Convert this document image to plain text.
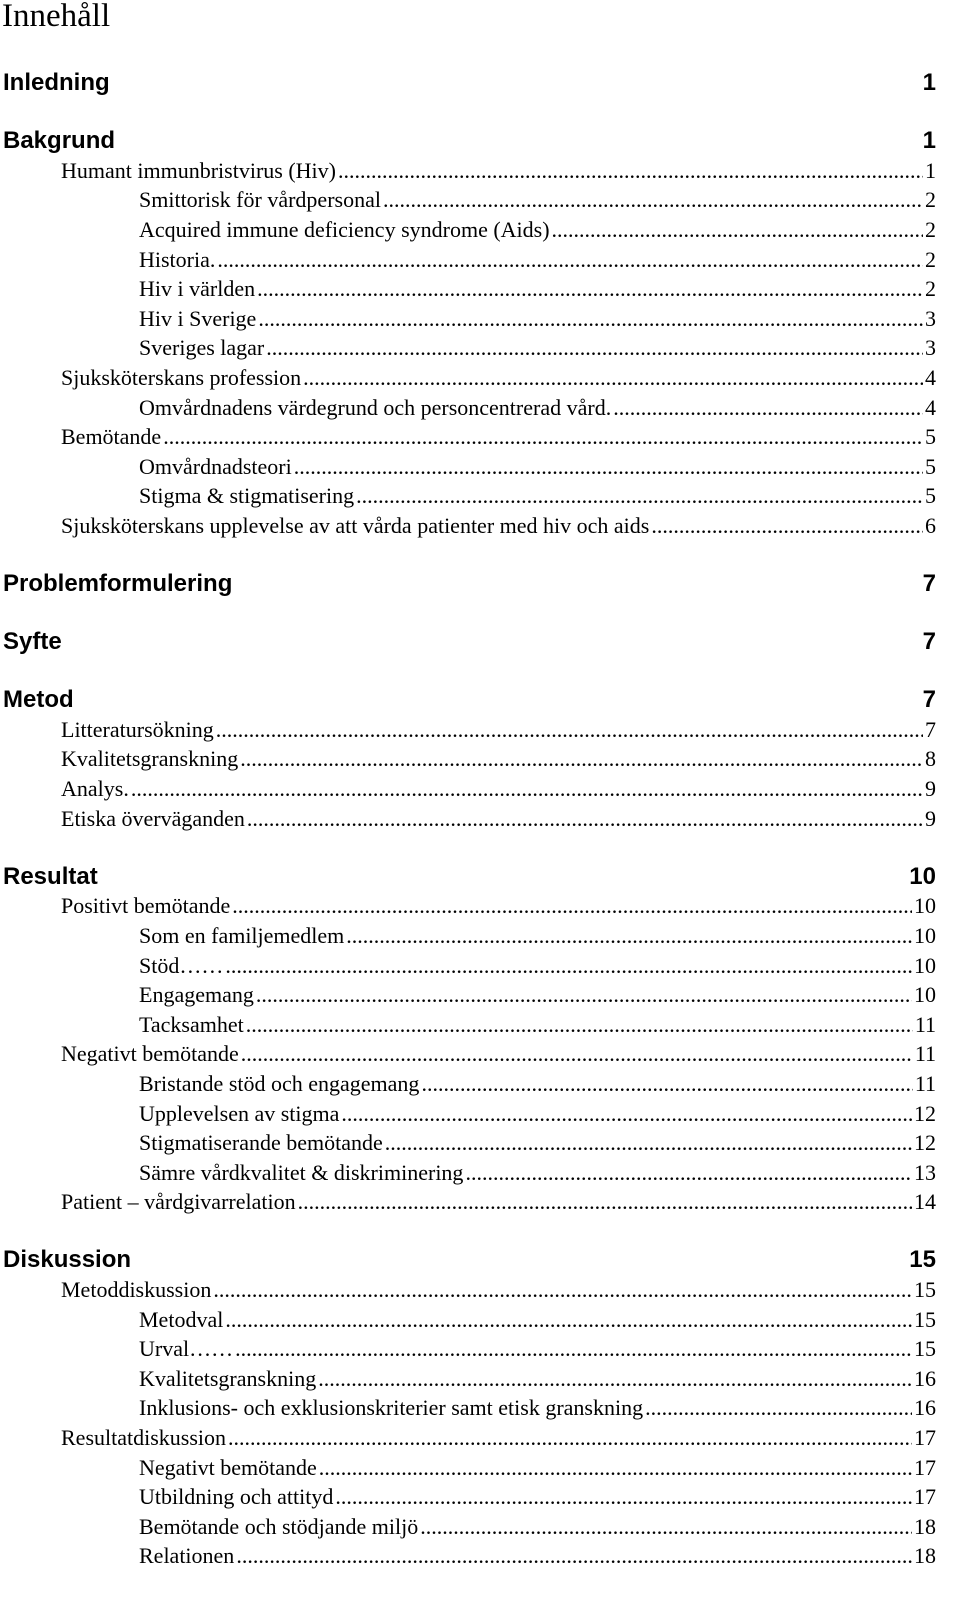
Innehåll
Inledning	1
Bakgrund	1
Humant immunbristvirus (Hiv) .....	1
Smittorisk för vårdpersonal .....	2
Acquired immune deficiency syndrome (Aids) .....	2
Historia. .....	2
Hiv i världen .....	2
Hiv i Sverige .....	3
Sveriges lagar .....	3
Sjuksköterskans profession .....	4
Omvårdnadens värdegrund och personcentrerad vård. .....	4
Bemötande .....	5
Omvårdnadsteori .....	5
Stigma & stigmatisering .....	5
Sjuksköterskans upplevelse av att vårda patienter med hiv och aids .....	6
Problemformulering	7
Syfte	7
Metod	7
Litteratursökning .....	7
Kvalitetsgranskning .....	8
Analys. .....	9
Etiska överväganden .....	9
Resultat	10
Positivt bemötande .....	10
Som en familjemedlem .....	10
Stöd…… .....	10
Engagemang .....	10
Tacksamhet .....	11
Negativt bemötande .....	11
Bristande stöd och engagemang .....	11
Upplevelsen av stigma .....	12
Stigmatiserande bemötande .....	12
Sämre vårdkvalitet & diskriminering .....	13
Patient – vårdgivarrelation .....	14
Diskussion	15
Metoddiskussion .....	15
Metodval .....	15
Urval…… .....	15
Kvalitetsgranskning .....	16
Inklusions- och exklusionskriterier samt etisk granskning .....	16
Resultatdiskussion .....	17
Negativt bemötande .....	17
Utbildning och attityd .....	17
Bemötande och stödjande miljö .....	18
Relationen .....	18
